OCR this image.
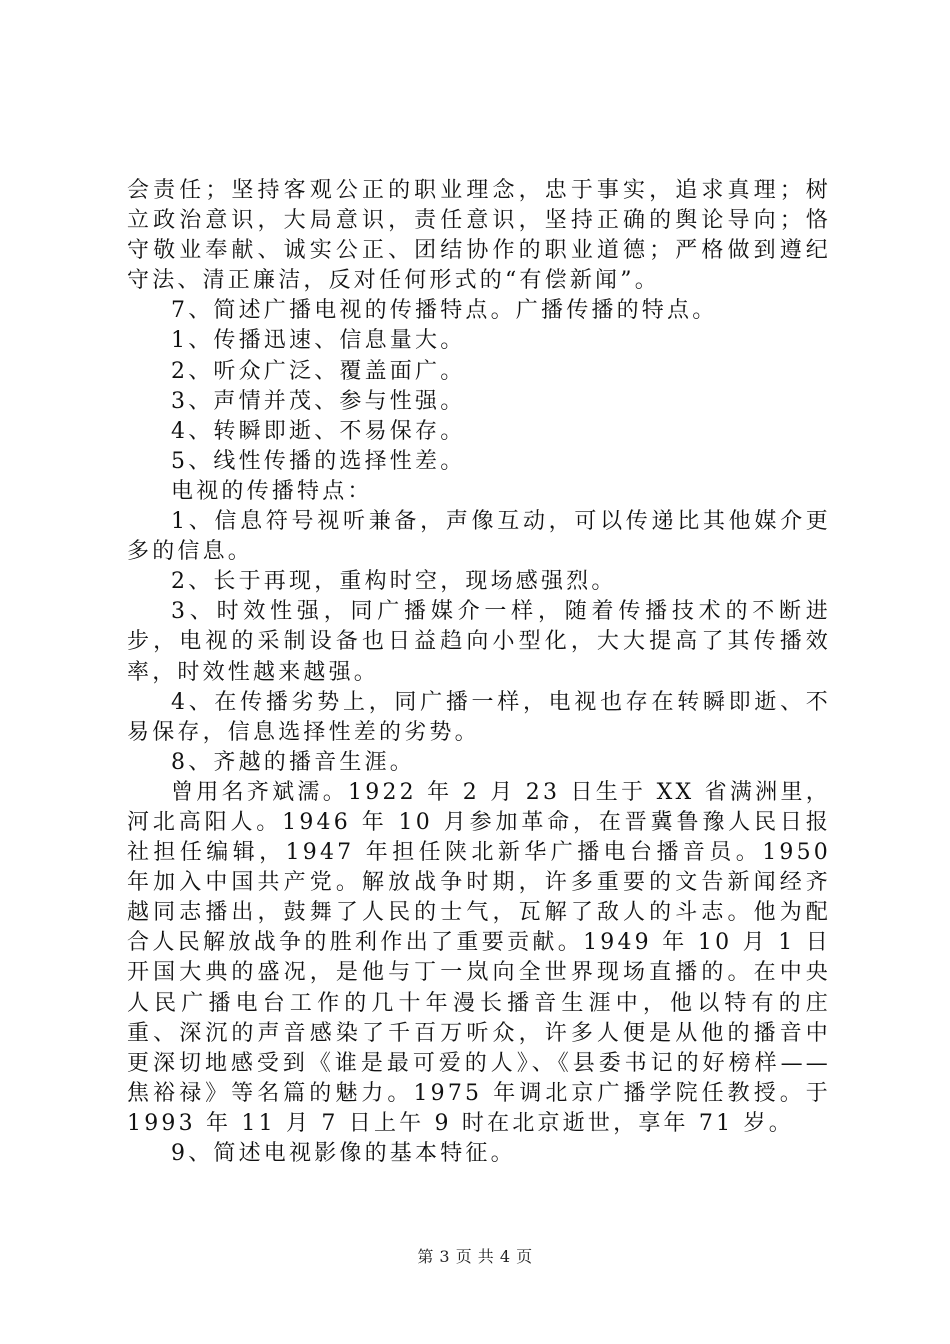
会责任；坚持客观公正的职业理念，忠于事实，追求真理；树立政治意识，大局意识，责任意识，坚持正确的舆论导向；恪守敬业奉献、诚实公正、团结协作的职业道德；严格做到遵纪守法、清正廉洁，反对任何形式的“有偿新闻”。

7、简述广播电视的传播特点。广播传播的特点。

1、传播迅速、信息量大。

2、听众广泛、覆盖面广。

3、声情并茂、参与性强。

4、转瞬即逝、不易保存。

5、线性传播的选择性差。

电视的传播特点：

1、信息符号视听兼备，声像互动，可以传递比其他媒介更多的信息。

2、长于再现，重构时空，现场感强烈。

3、时效性强，同广播媒介一样，随着传播技术的不断进步，电视的采制设备也日益趋向小型化，大大提高了其传播效率，时效性越来越强。

4、在传播劣势上，同广播一样，电视也存在转瞬即逝、不易保存，信息选择性差的劣势。

8、齐越的播音生涯。

曾用名齐斌濡。1922 年 2 月 23 日生于 XX 省满洲里，河北高阳人。1946 年 10 月参加革命，在晋冀鲁豫人民日报社担任编辑，1947 年担任陕北新华广播电台播音员。1950 年加入中国共产党。解放战争时期，许多重要的文告新闻经齐越同志播出，鼓舞了人民的士气，瓦解了敌人的斗志。他为配合人民解放战争的胜利作出了重要贡献。1949 年 10 月 1 日开国大典的盛况，是他与丁一岚向全世界现场直播的。在中央人民广播电台工作的几十年漫长播音生涯中，他以特有的庄重、深沉的声音感染了千百万听众，许多人便是从他的播音中更深切地感受到《谁是最可爱的人》、《县委书记的好榜样——焦裕禄》等名篇的魅力。1975 年调北京广播学院任教授。于 1993 年 11 月 7 日上午 9 时在北京逝世，享年 71 岁。

9、简述电视影像的基本特征。

第 3 页 共 4 页
